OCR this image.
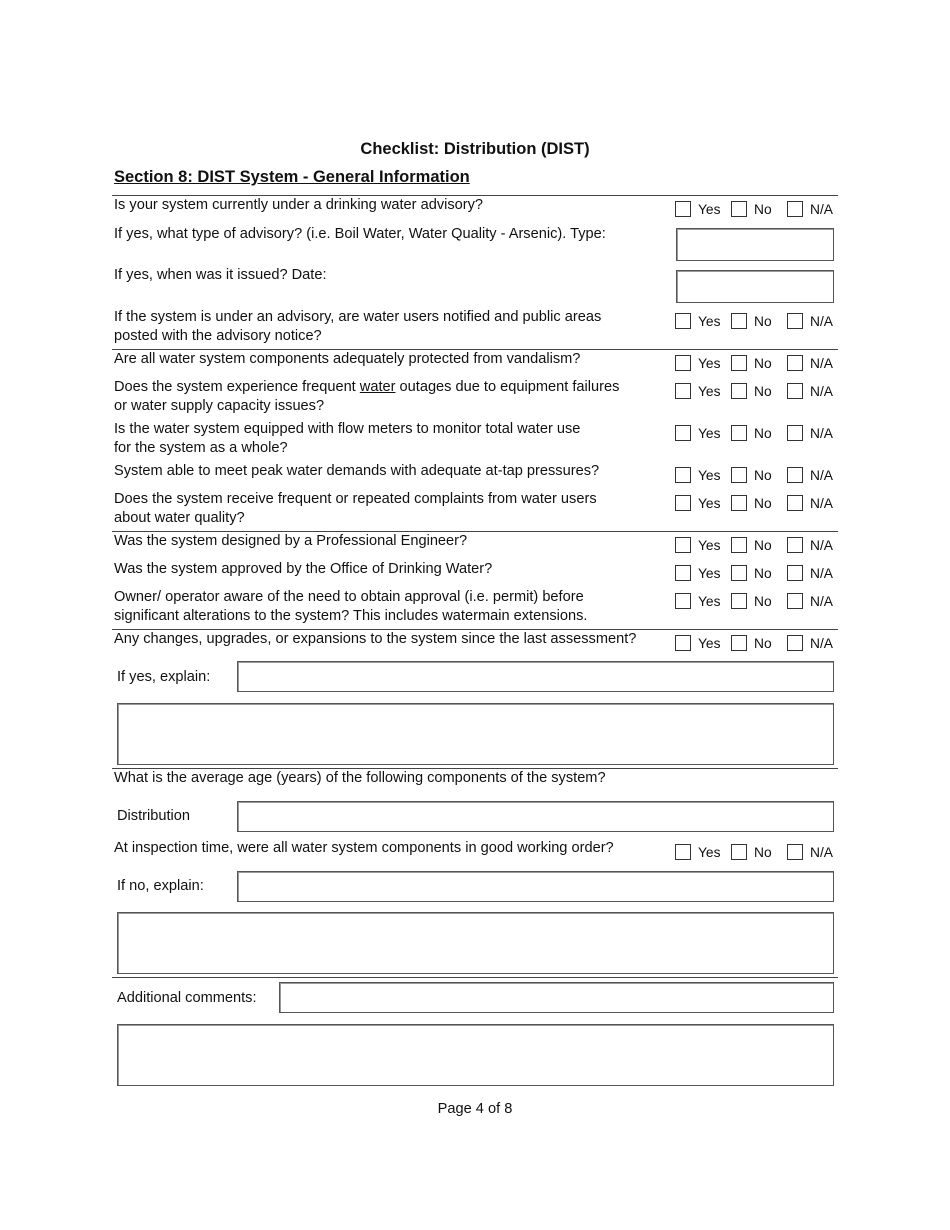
Checklist: Distribution (DIST)
Section 8: DIST System - General Information
Is your system currently under a drinking water advisory?	Yes No	N/A
If yes, what type of advisory? (i.e. Boil Water, Water Quality - Arsenic). Type:
If yes, when was it issued? Date:
If the system is under an advisory, are water users notified and public areas
posted with the advisory notice?
Yes No	N/A
Are all water system components adequately protected from vandalism?	Yes No	N/A
Does the system experience frequent water outages due to equipment failures
or water supply capacity issues?
Yes No	N/A
Is the water system equipped with flow meters to monitor total water use
for the system as a whole?
Yes No	N/A
System able to meet peak water demands with adequate at-tap pressures?	Yes No	N/A
Does the system receive frequent or repeated complaints from water users
about water quality?
Yes No	N/A
Was the system designed by a Professional Engineer?	Yes No	N/A
Was the system approved by the Office of Drinking Water?	Yes No	N/A
Owner/ operator aware of the need to obtain approval (i.e. permit) before
significant alterations to the system? This includes watermain extensions.
Yes No	N/A
Any changes, upgrades, or expansions to the system since the last assessment?	Yes No	N/A
If yes, explain:
What is the average age (years) of the following components of the system?
Distribution
At inspection time, were all water system components in good working order?	Yes No	N/A
If no, explain:
Additional comments:
Page 4 of 8
